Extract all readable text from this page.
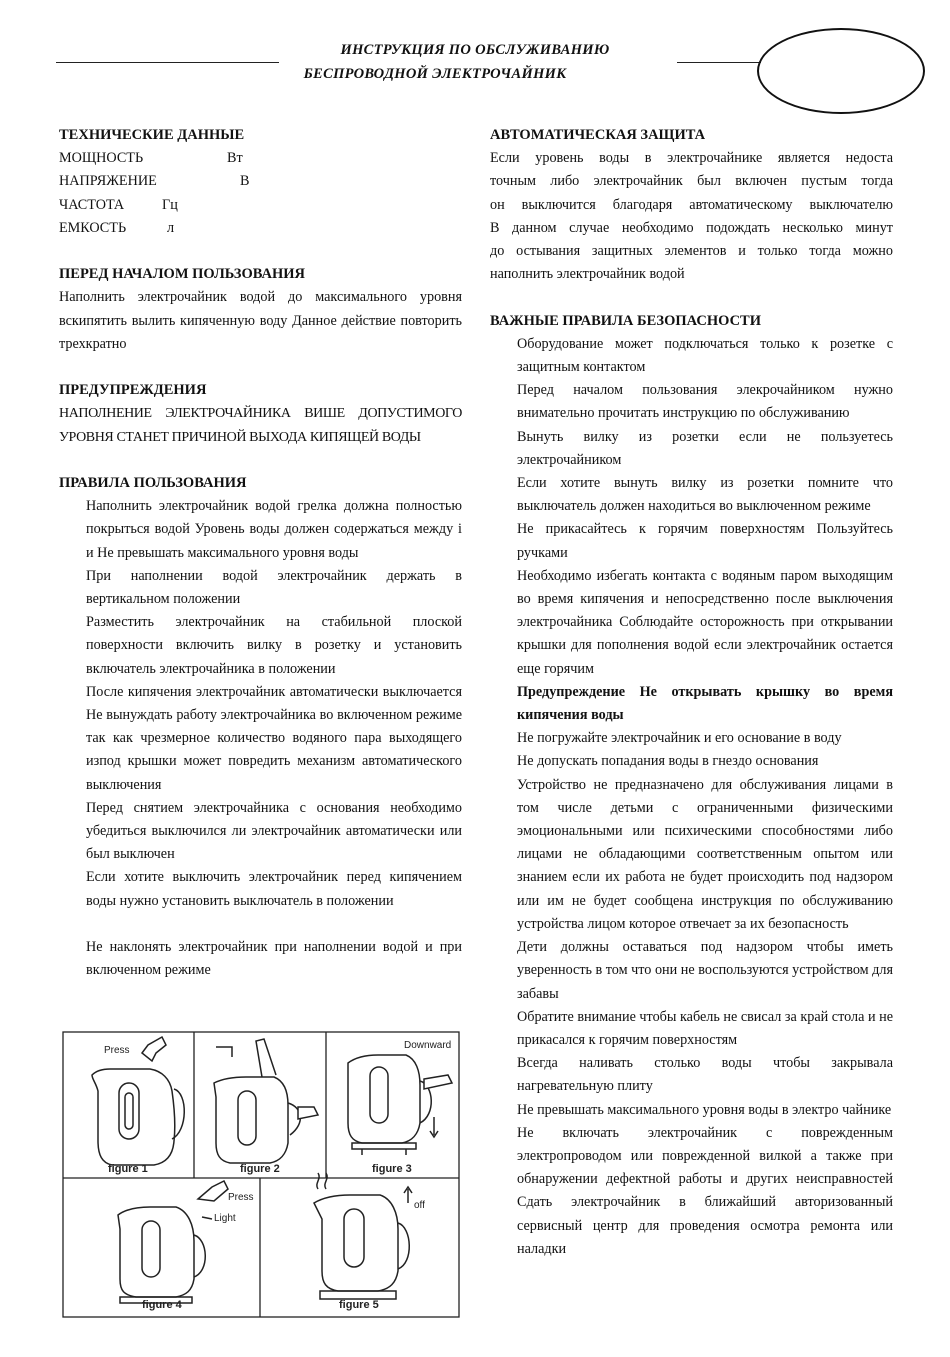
ИНСТРУКЦИЯ ПО ОБСЛУЖИВАНИЮ
БЕСПРОВОДНОЙ ЭЛЕКТРОЧАЙНИК
ТЕХНИЧЕСКИЕ ДАННЫЕ
МОЩНОСТЬ	Вт
НАПРЯЖЕНИЕ	В
ЧАСТОТА	Гц
ЕМКОСТЬ	л
ПЕРЕД НАЧАЛОМ ПОЛЬЗОВАНИЯ
Наполнить электрочайник водой до максимального уровня вскипятить вылить кипяченную воду Данное действие повторить трехкратно
ПРЕДУПРЕЖДЕНИЯ
НАПОЛНЕНИЕ ЭЛЕКТРОЧАЙНИКА ВИШЕ ДОПУСТИМОГО УРОВНЯ СТАНЕТ ПРИЧИНОЙ ВЫХОДА КИПЯЩЕЙ ВОДЫ
ПРАВИЛА ПОЛЬЗОВАНИЯ
Наполнить электрочайник водой грелка должна полностью покрыться водой Уровень воды должен содержаться между i и Не превышать максимального уровня воды
При наполнении водой электрочайник держать в вертикальном положении
Разместить электрочайник на стабильной плоской поверхности включить вилку в розетку и установить включатель электрочайника в положении
После кипячения электрочайник автоматически выключается Не вынуждать работу электрочайника во включенном режиме так как чрезмерное количество водяного пара выходящего изпод крышки может повредить механизм автоматического выключения
Перед снятием электрочайника с основания необходимо убедиться выключился ли электрочайник автоматически или был выключен
Если хотите выключить электрочайник перед кипячением воды нужно установить выключатель в положении
Не наклонять электрочайник при наполнении водой и при включенном режиме
Press	Downward
Press
Light
off
figure 1	figure 2	figure 3
figure 4	figure 5
АВТОМАТИЧЕСКАЯ ЗАЩИТА
Если уровень воды в электрочайнике является недоста
точным либо электрочайник был включен пустым тогда
он выключится благодаря автоматическому выключателю
В данном случае необходимо подождать несколько минут
до остывания защитных элементов и только тогда можно
наполнить электрочайник водой
ВАЖНЫЕ ПРАВИЛА БЕЗОПАСНОСТИ
Оборудование может подключаться только к розетке с защитным контактом
Перед началом пользования элекрочайником нужно внимательно прочитать инструкцию по обслуживанию
Вынуть вилку из розетки если не пользуетесь электрочайником
Если хотите вынуть вилку из розетки помните что выключатель должен находиться во выключенном режиме
Не прикасайтесь к горячим поверхностям Пользуйтесь ручками
Необходимо избегать контакта с водяным паром выходящим во время кипячения и непосредственно после выключения электрочайника Соблюдайте осторожность при открывании крышки для пополнения водой если электрочайник остается еще горячим
Предупреждение Не открывать крышку во время кипячения воды
Не погружайте электрочайник и его основание в воду
Не допускать попадания воды в гнездо основания
Устройство не предназначено для обслуживания лицами в том числе детьми с ограниченными физическими эмоциональными или психическими способностями либо лицами не обладающими соответственным опытом или знанием если их работа не будет происходить под надзором или им не будет сообщена инструкция по обслуживанию устройства лицом которое отвечает за их безопасность
Дети должны оставаться под надзором чтобы иметь уверенность в том что они не воспользуются устройством для забавы
Обратите внимание чтобы кабель не свисал за край стола и не прикасался к горячим поверхностям
Всегда наливать столько воды чтобы закрывала нагревательную плиту
Не превышать максимального уровня воды в электро чайнике
Не включать электрочайник с поврежденным электропроводом или поврежденной вилкой а также при обнаружении дефектной работы и других неисправностей Сдать электрочайник в ближайший авторизованный сервисный центр для проведения осмотра ремонта или наладки
